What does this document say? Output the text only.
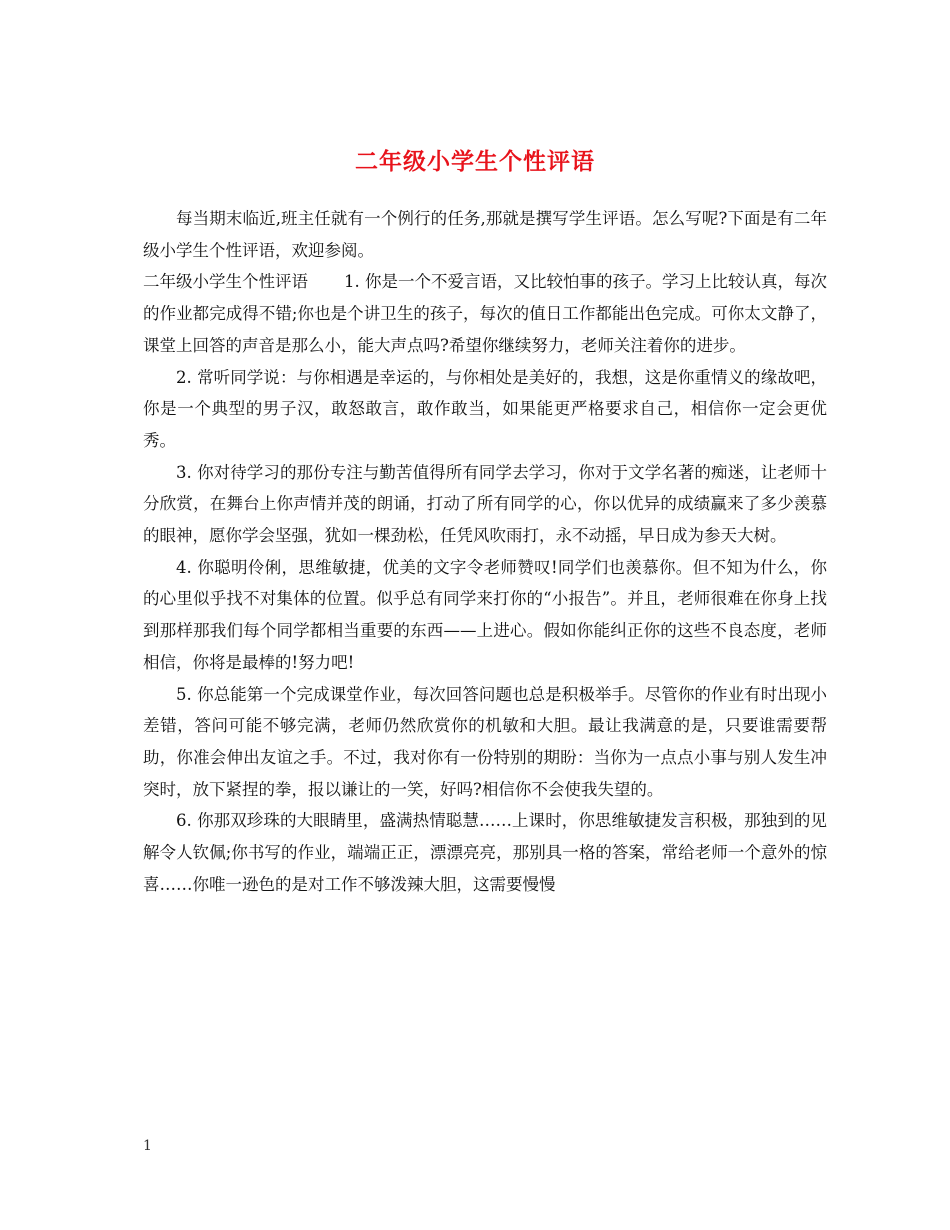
二年级小学生个性评语

每当期末临近,班主任就有一个例行的任务,那就是撰写学生评语。怎么写呢?下面是有二年级小学生个性评语，欢迎参阅。

二年级小学生个性评语 1. 你是一个不爱言语，又比较怕事的孩子。学习上比较认真，每次的作业都完成得不错;你也是个讲卫生的孩子，每次的值日工作都能出色完成。可你太文静了，课堂上回答的声音是那么小，能大声点吗?希望你继续努力，老师关注着你的进步。

2. 常听同学说：与你相遇是幸运的，与你相处是美好的，我想，这是你重情义的缘故吧，你是一个典型的男子汉，敢怒敢言，敢作敢当，如果能更严格要求自己，相信你一定会更优秀。

3. 你对待学习的那份专注与勤苦值得所有同学去学习，你对于文学名著的痴迷，让老师十分欣赏，在舞台上你声情并茂的朗诵，打动了所有同学的心，你以优异的成绩赢来了多少羡慕的眼神，愿你学会坚强，犹如一棵劲松，任凭风吹雨打，永不动摇，早日成为参天大树。

4. 你聪明伶俐，思维敏捷，优美的文字令老师赞叹!同学们也羡慕你。但不知为什么，你的心里似乎找不对集体的位置。似乎总有同学来打你的“小报告”。并且，老师很难在你身上找到那样那我们每个同学都相当重要的东西——上进心。假如你能纠正你的这些不良态度，老师相信，你将是最棒的!努力吧!

5. 你总能第一个完成课堂作业，每次回答问题也总是积极举手。尽管你的作业有时出现小差错，答问可能不够完满，老师仍然欣赏你的机敏和大胆。最让我满意的是，只要谁需要帮助，你准会伸出友谊之手。不过，我对你有一份特别的期盼：当你为一点点小事与别人发生冲突时，放下紧捏的拳，报以谦让的一笑，好吗?相信你不会使我失望的。

6. 你那双珍珠的大眼睛里，盛满热情聪慧……上课时，你思维敏捷发言积极，那独到的见解令人钦佩;你书写的作业，端端正正，漂漂亮亮，那别具一格的答案，常给老师一个意外的惊喜……你唯一逊色的是对工作不够泼辣大胆，这需要慢慢

1
